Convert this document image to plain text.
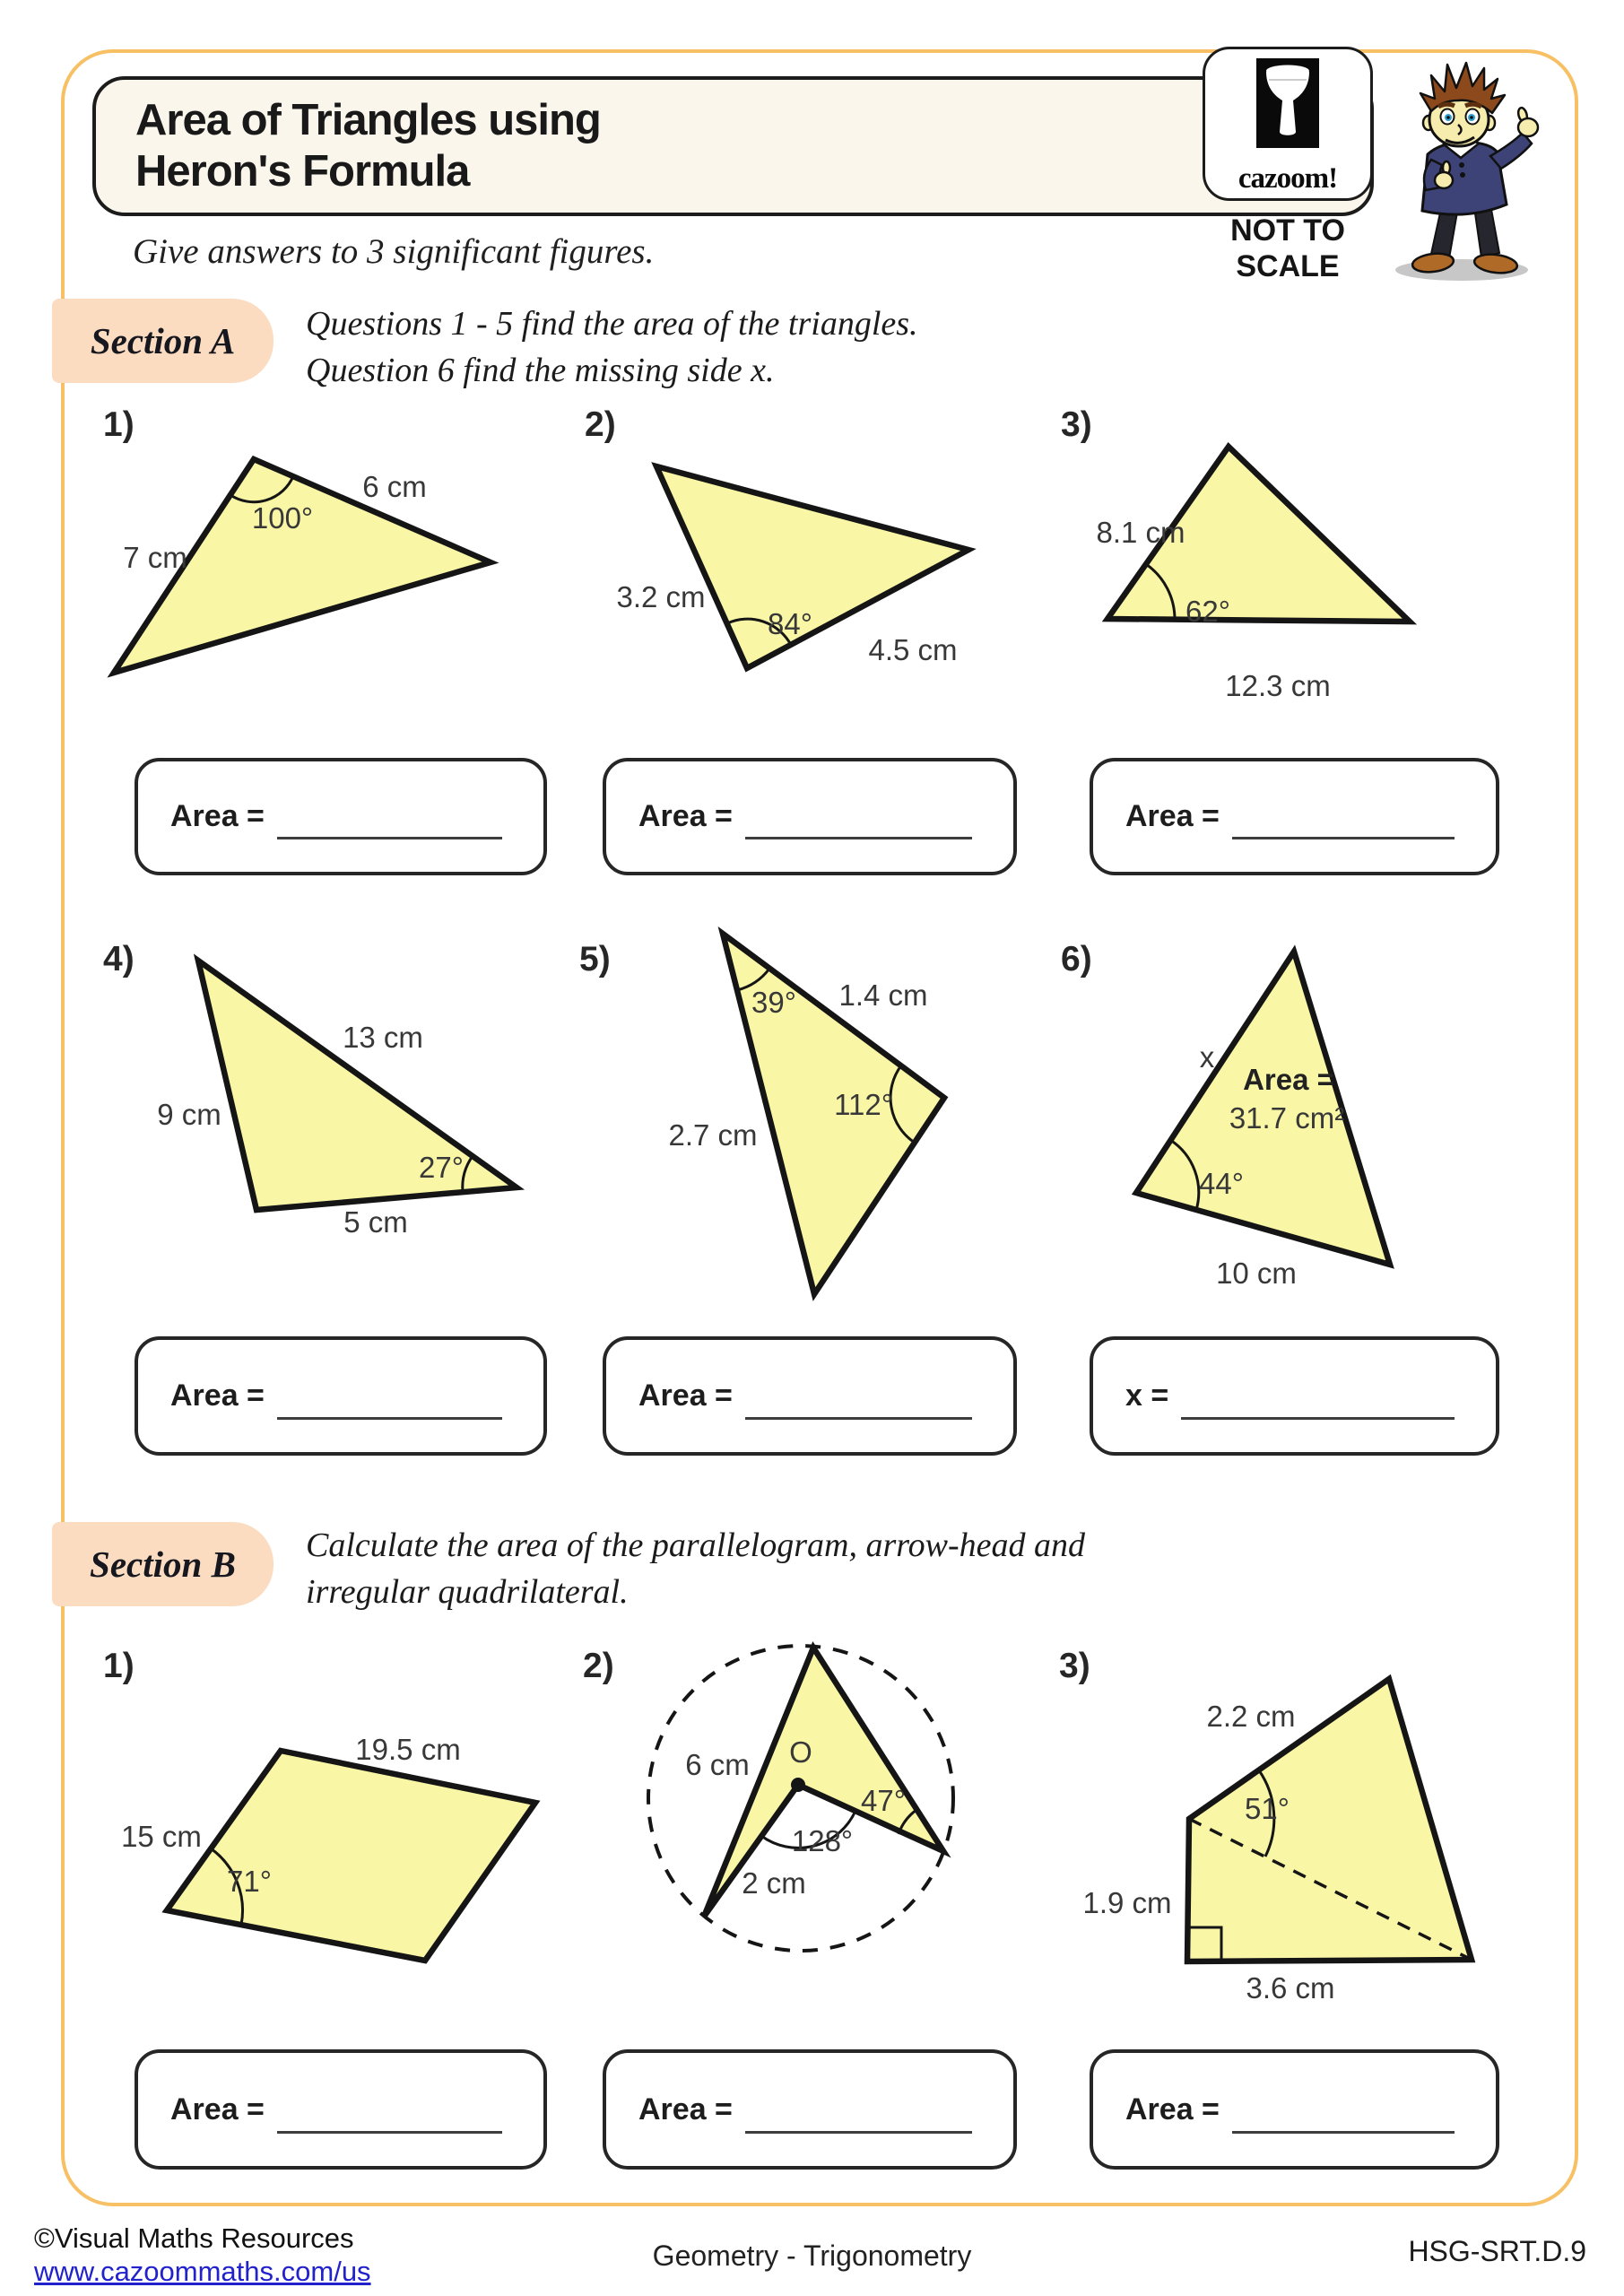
Area of Triangles using
Heron's Formula	cazoom!
NOT TO
SCALE
Give answers to 3 significant figures.
Section A	Questions 1 - 5 find the area of the triangles.
Question 6 find the missing side x.
Section B	Calculate the area of the parallelogram, arrow-head and
irregular quadrilateral.
1)	2)	3)
4)	5)	6)
1)	2)	3)
6 cm
100°
7 cm
3.2 cm
84°
4.5 cm
8.1 cm
62°
12.3 cm
13 cm
9 cm
27°
5 cm
39° 1.4 cm
112°
2.7 cm
x
Area =
31.7 cm²
44°
10 cm
19.5 cm
15 cm
71°
6 cm O
47°
128°
2 cm
2.2 cm
51°
1.9 cm
3.6 cm
Area =	Area =	Area =
Area =	Area =	x =
Area =	Area =	Area =
©Visual Maths Resources
www.cazoommaths.com/us	Geometry - Trigonometry	HSG-SRT.D.9
